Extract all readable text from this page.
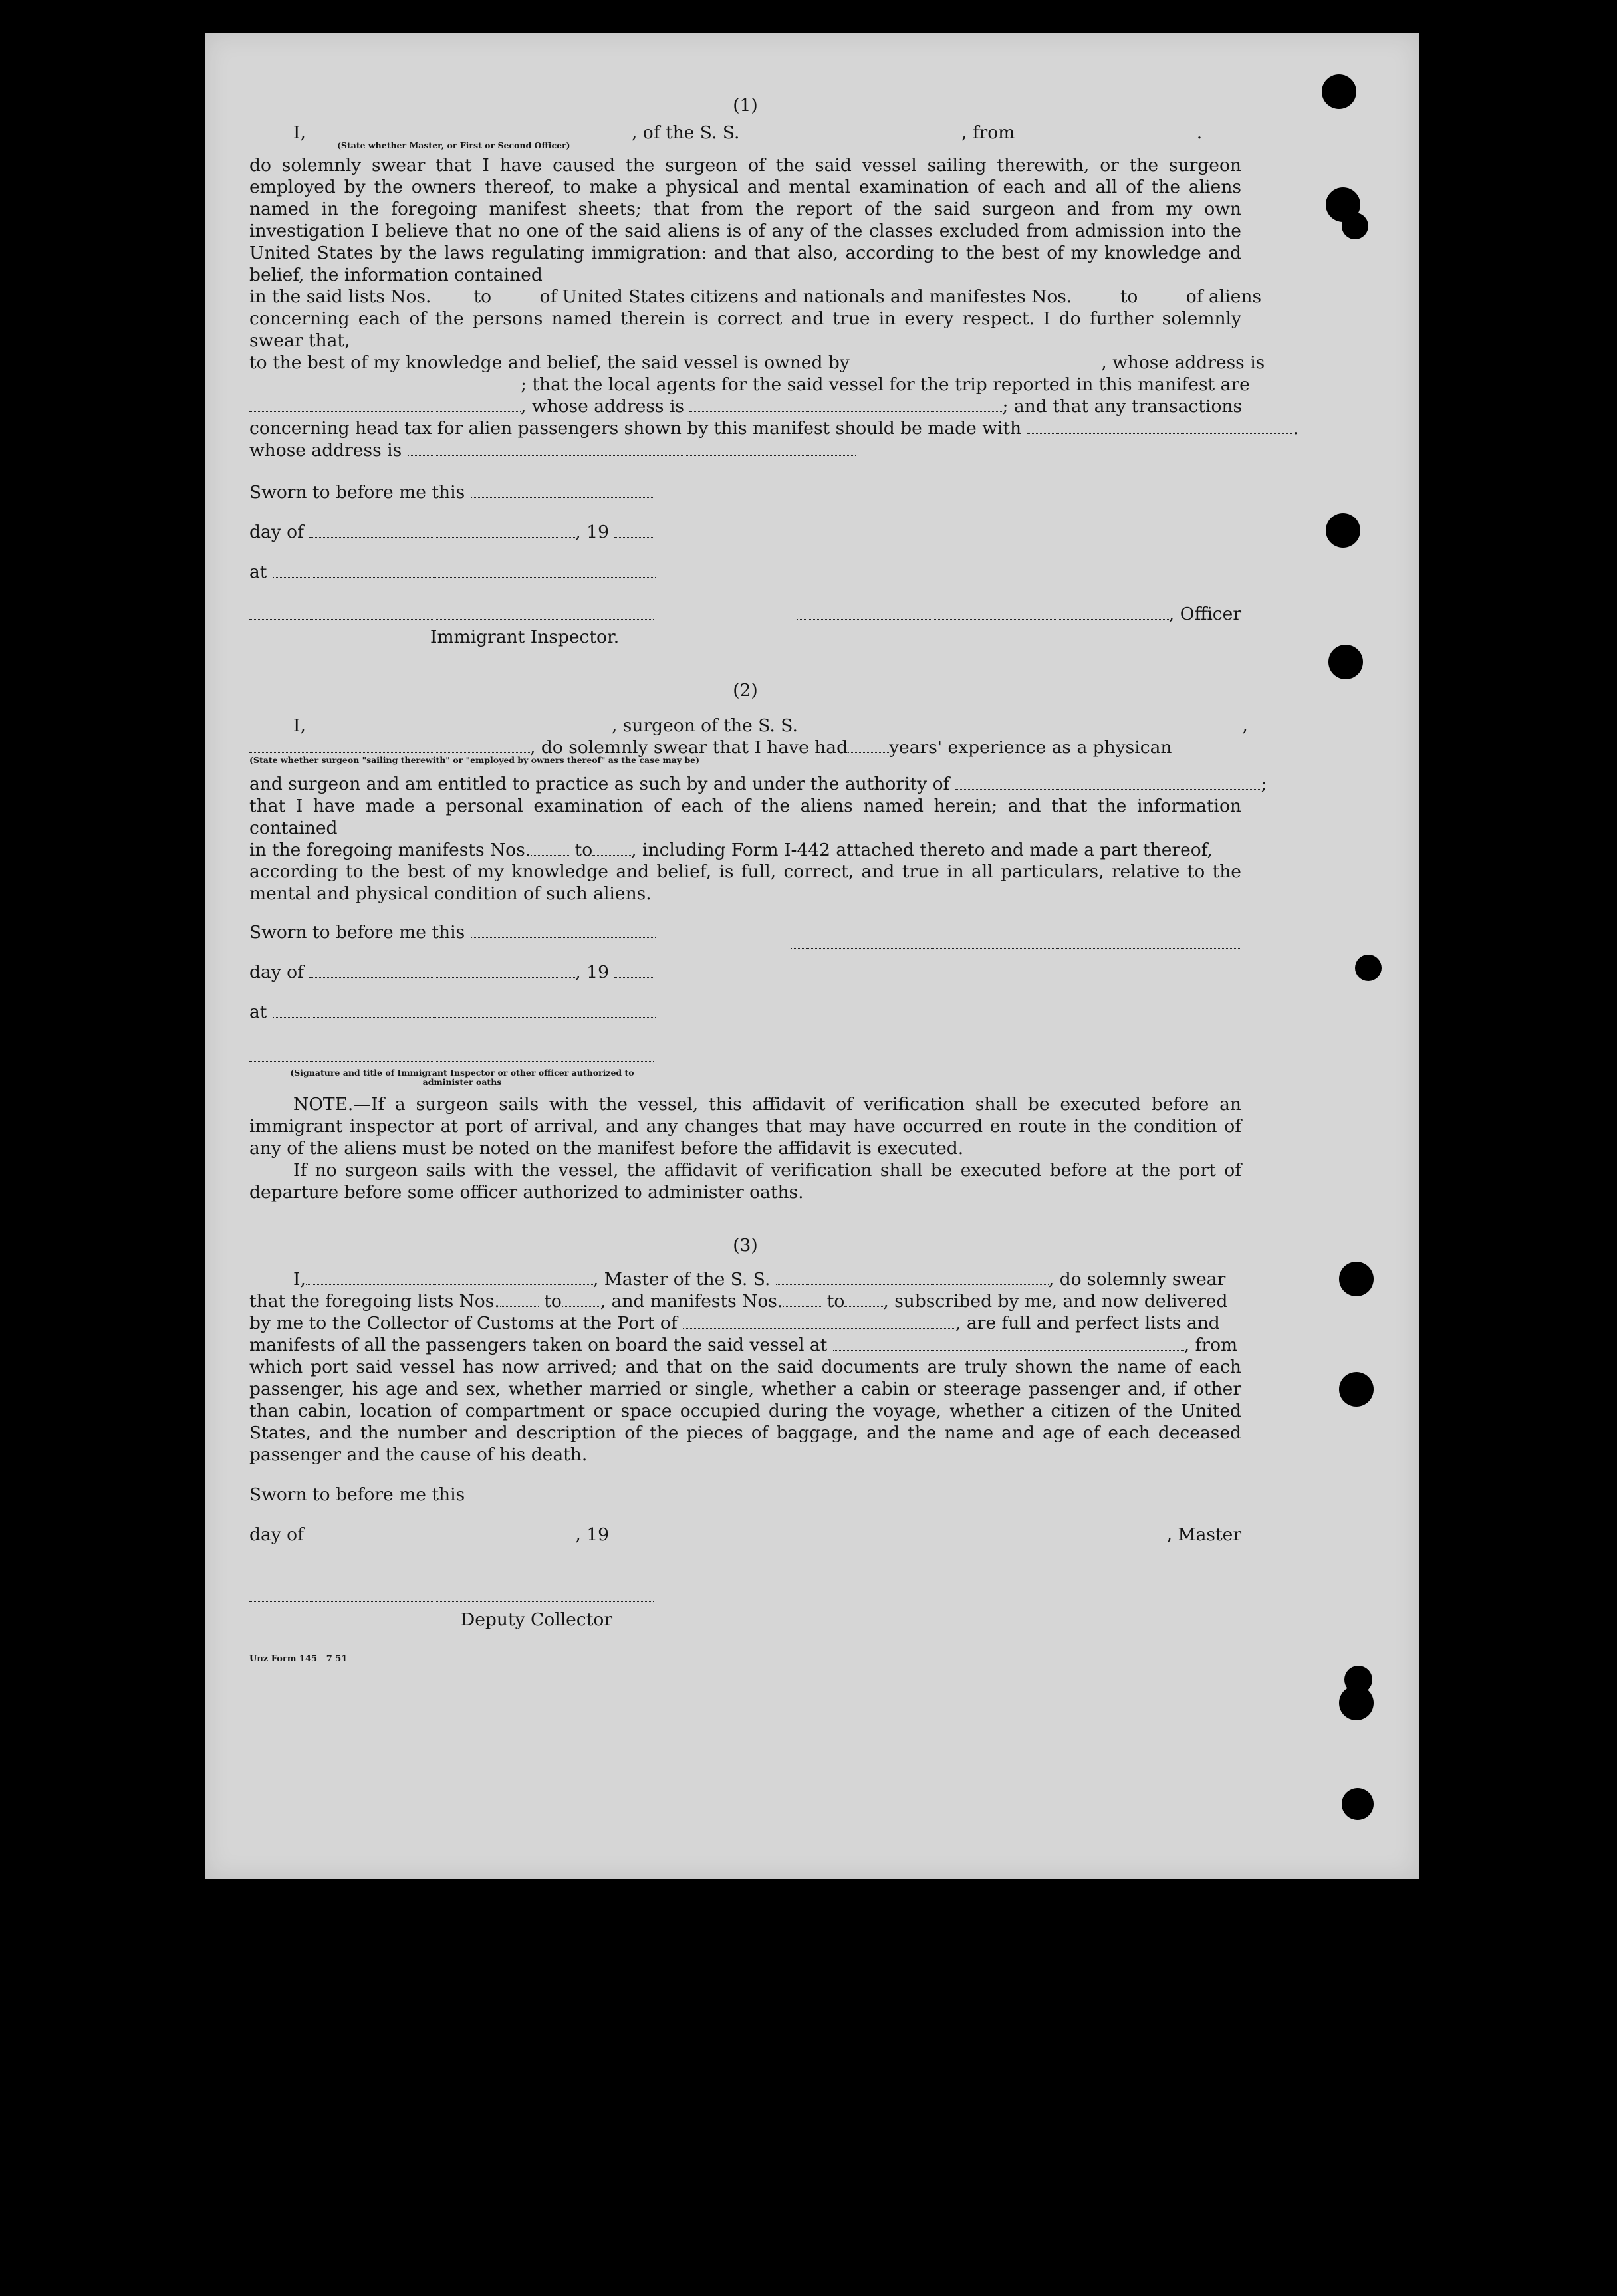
(1)
I,	, of the S. S.	, from	.
(State whether Master, or First or Second Officer)
do solemnly swear that I have caused the surgeon of the said vessel sailing therewith, or the surgeon employed by the owners thereof, to make a physical and mental examination of each and all of the aliens named in the foregoing manifest sheets; that from the report of the said surgeon and from my own investigation I believe that no one of the said aliens is of any of the classes excluded from admission into the United States by the laws regulating immigration: and that also, according to the best of my knowledge and belief, the information contained
in the said lists Nos. to	of United States citizens and nationals and manifestes Nos.	to	of aliens
concerning each of the persons named therein is correct and true in every respect. I do further solemnly swear that,
to the best of my knowledge and belief, the said vessel is owned by	, whose address is
; that the local agents for the said vessel for the trip reported in this manifest are
, whose address is	; and that any transactions
concerning head tax for alien passengers shown by this manifest should be made with	.
whose address is
Sworn to before me this
day of	, 19
at
, Officer
Immigrant Inspector.
(2)
I,	, surgeon of the S. S.	,
, do solemnly swear that I have had years' experience as a physican
(State whether surgeon "sailing therewith" or "employed by owners thereof" as the case may be)
and surgeon and am entitled to practice as such by and under the authority of	;
that I have made a personal examination of each of the aliens named herein; and that the information contained
in the foregoing manifests Nos.	to , including Form I-442 attached thereto and made a part thereof,
according to the best of my knowledge and belief, is full, correct, and true in all particulars, relative to the mental and physical condition of such aliens.
Sworn to before me this
day of	, 19
at
(Signature and title of Immigrant Inspector or other officer authorized to administer oaths
NOTE.—If a surgeon sails with the vessel, this affidavit of verification shall be executed before an immigrant inspector at port of arrival, and any changes that may have occurred en route in the condition of any of the aliens must be noted on the manifest before the affidavit is executed.
If no surgeon sails with the vessel, the affidavit of verification shall be executed before at the port of departure before some officer authorized to administer oaths.
(3)
I,	, Master of the S. S.	, do solemnly swear
that the foregoing lists Nos.	to , and manifests Nos.	to , subscribed by me, and now delivered
by me to the Collector of Customs at the Port of	, are full and perfect lists and
manifests of all the passengers taken on board the said vessel at	, from
which port said vessel has now arrived; and that on the said documents are truly shown the name of each passenger, his age and sex, whether married or single, whether a cabin or steerage passenger and, if other than cabin, location of compartment or space occupied during the voyage, whether a citizen of the United States, and the number and description of the pieces of baggage, and the name and age of each deceased passenger and the cause of his death.
Sworn to before me this
day of	, 19	, Master
Deputy Collector
Unz Form 145   7 51
